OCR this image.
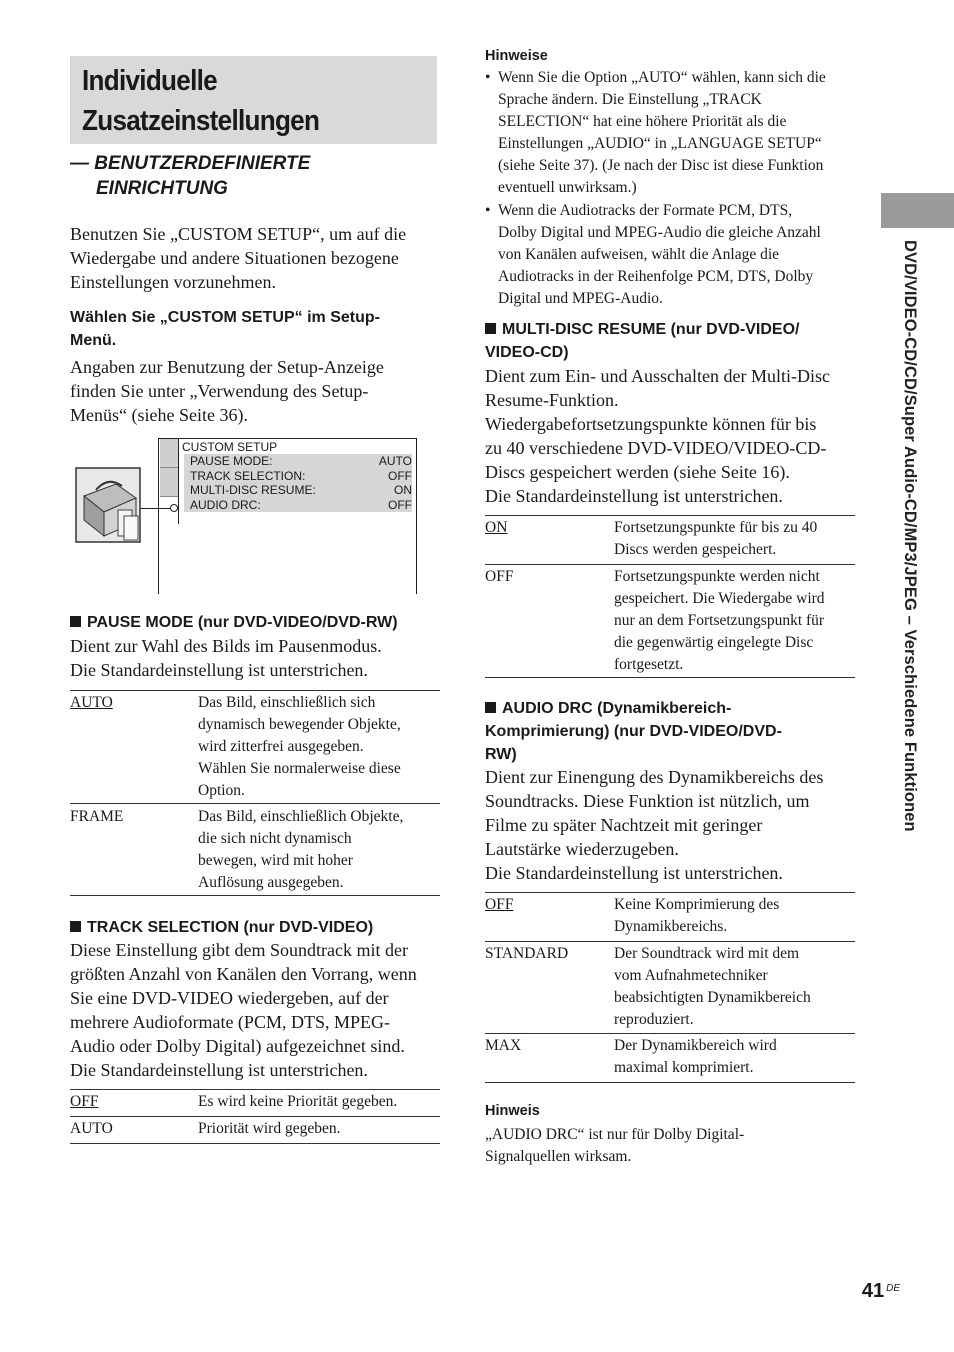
Individuelle
Zusatzeinstellungen
— BENUTZERDEFINIERTE
EINRICHTUNG
Benutzen Sie „CUSTOM SETUP“, um auf die
Wiedergabe und andere Situationen bezogene
Einstellungen vorzunehmen.
Wählen Sie „CUSTOM SETUP“ im Setup-
Menü.
Angaben zur Benutzung der Setup-Anzeige
finden Sie unter „Verwendung des Setup-
Menüs“ (siehe Seite 36).
CUSTOM SETUP
PAUSE MODE:	AUTO
TRACK SELECTION:	OFF
MULTI-DISC RESUME:	ON
AUDIO DRC:	OFF
PAUSE MODE (nur DVD-VIDEO/DVD-RW)
Dient zur Wahl des Bilds im Pausenmodus.
Die Standardeinstellung ist unterstrichen.
AUTO	Das Bild, einschließlich sich
dynamisch bewegender Objekte,
wird zitterfrei ausgegeben.
Wählen Sie normalerweise diese
Option.
FRAME	Das Bild, einschließlich Objekte,
die sich nicht dynamisch
bewegen, wird mit hoher
Auflösung ausgegeben.
TRACK SELECTION (nur DVD-VIDEO)
Diese Einstellung gibt dem Soundtrack mit der
größten Anzahl von Kanälen den Vorrang, wenn
Sie eine DVD-VIDEO wiedergeben, auf der
mehrere Audioformate (PCM, DTS, MPEG-
Audio oder Dolby Digital) aufgezeichnet sind.
Die Standardeinstellung ist unterstrichen.
OFF	Es wird keine Priorität gegeben.
AUTO	Priorität wird gegeben.
Hinweise
• Wenn Sie die Option „AUTO“ wählen, kann sich die
Sprache ändern. Die Einstellung „TRACK
SELECTION“ hat eine höhere Priorität als die
Einstellungen „AUDIO“ in „LANGUAGE SETUP“
(siehe Seite 37). (Je nach der Disc ist diese Funktion
eventuell unwirksam.)
• Wenn die Audiotracks der Formate PCM, DTS,
Dolby Digital und MPEG-Audio die gleiche Anzahl
von Kanälen aufweisen, wählt die Anlage die
Audiotracks in der Reihenfolge PCM, DTS, Dolby
Digital und MPEG-Audio.
MULTI-DISC RESUME (nur DVD-VIDEO/
VIDEO-CD)
Dient zum Ein- und Ausschalten der Multi-Disc
Resume-Funktion.
Wiedergabefortsetzungspunkte können für bis
zu 40 verschiedene DVD-VIDEO/VIDEO-CD-
Discs gespeichert werden (siehe Seite 16).
Die Standardeinstellung ist unterstrichen.
ON	Fortsetzungspunkte für bis zu 40
Discs werden gespeichert.
OFF	Fortsetzungspunkte werden nicht
gespeichert. Die Wiedergabe wird
nur an dem Fortsetzungspunkt für
die gegenwärtig eingelegte Disc
fortgesetzt.
AUDIO DRC (Dynamikbereich-
Komprimierung) (nur DVD-VIDEO/DVD-
RW)
Dient zur Einengung des Dynamikbereichs des
Soundtracks. Diese Funktion ist nützlich, um
Filme zu später Nachtzeit mit geringer
Lautstärke wiederzugeben.
Die Standardeinstellung ist unterstrichen.
OFF	Keine Komprimierung des
Dynamikbereichs.
STANDARD	Der Soundtrack wird mit dem
vom Aufnahmetechniker
beabsichtigten Dynamikbereich
reproduziert.
MAX	Der Dynamikbereich wird
maximal komprimiert.
Hinweis
„AUDIO DRC“ ist nur für Dolby Digital-
Signalquellen wirksam.
DVD/VIDEO-CD/CD/Super Audio-CD/MP3/JPEG – Verschiedene Funktionen
41 $^{DE}$
